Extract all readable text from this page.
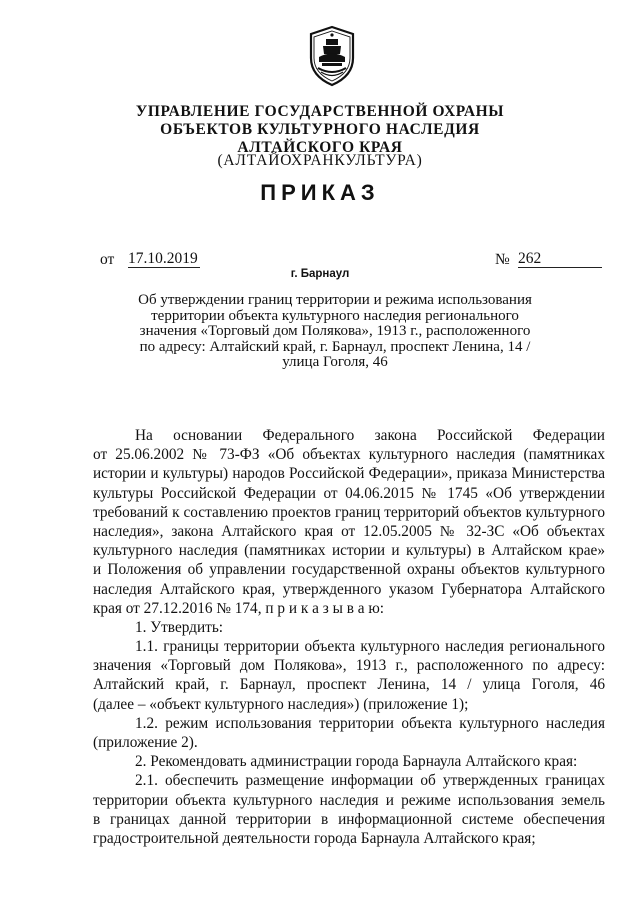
УПРАВЛЕНИЕ ГОСУДАРСТВЕННОЙ ОХРАНЫ
ОБЪЕКТОВ КУЛЬТУРНОГО НАСЛЕДИЯ
АЛТАЙСКОГО КРАЯ
(АЛТАЙОХРАНКУЛЬТУРА)
ПРИКАЗ
от 17.10.2019	№ 262
г. Барнаул
Об утверждении границ территории и режима использования
территории объекта культурного наследия регионального
значения «Торговый дом Полякова», 1913 г., расположенного
по адресу: Алтайский край, г. Барнаул, проспект Ленина, 14 /
улица Гоголя, 46
На основании Федерального закона Российской Федерации
от 25.06.2002 № 73-ФЗ «Об объектах культурного наследия (памятниках
истории и культуры) народов Российской Федерации», приказа Министерства
культуры Российской Федерации от 04.06.2015 № 1745 «Об утверждении
требований к составлению проектов границ территорий объектов культурного
наследия», закона Алтайского края от 12.05.2005 № 32-ЗС «Об объектах
культурного наследия (памятниках истории и культуры) в Алтайском крае»
и Положения об управлении государственной охраны объектов культурного
наследия Алтайского края, утвержденного указом Губернатора Алтайского
края от 27.12.2016 № 174, п р и к а з ы в а ю:
1. Утвердить:
1.1. границы территории объекта культурного наследия регионального
значения «Торговый дом Полякова», 1913 г., расположенного по адресу:
Алтайский край, г. Барнаул, проспект Ленина, 14 / улица Гоголя, 46
(далее – «объект культурного наследия») (приложение 1);
1.2. режим использования территории объекта культурного наследия
(приложение 2).
2. Рекомендовать администрации города Барнаула Алтайского края:
2.1. обеспечить размещение информации об утвержденных границах
территории объекта культурного наследия и режиме использования земель
в границах данной территории в информационной системе обеспечения
градостроительной деятельности города Барнаула Алтайского края;
